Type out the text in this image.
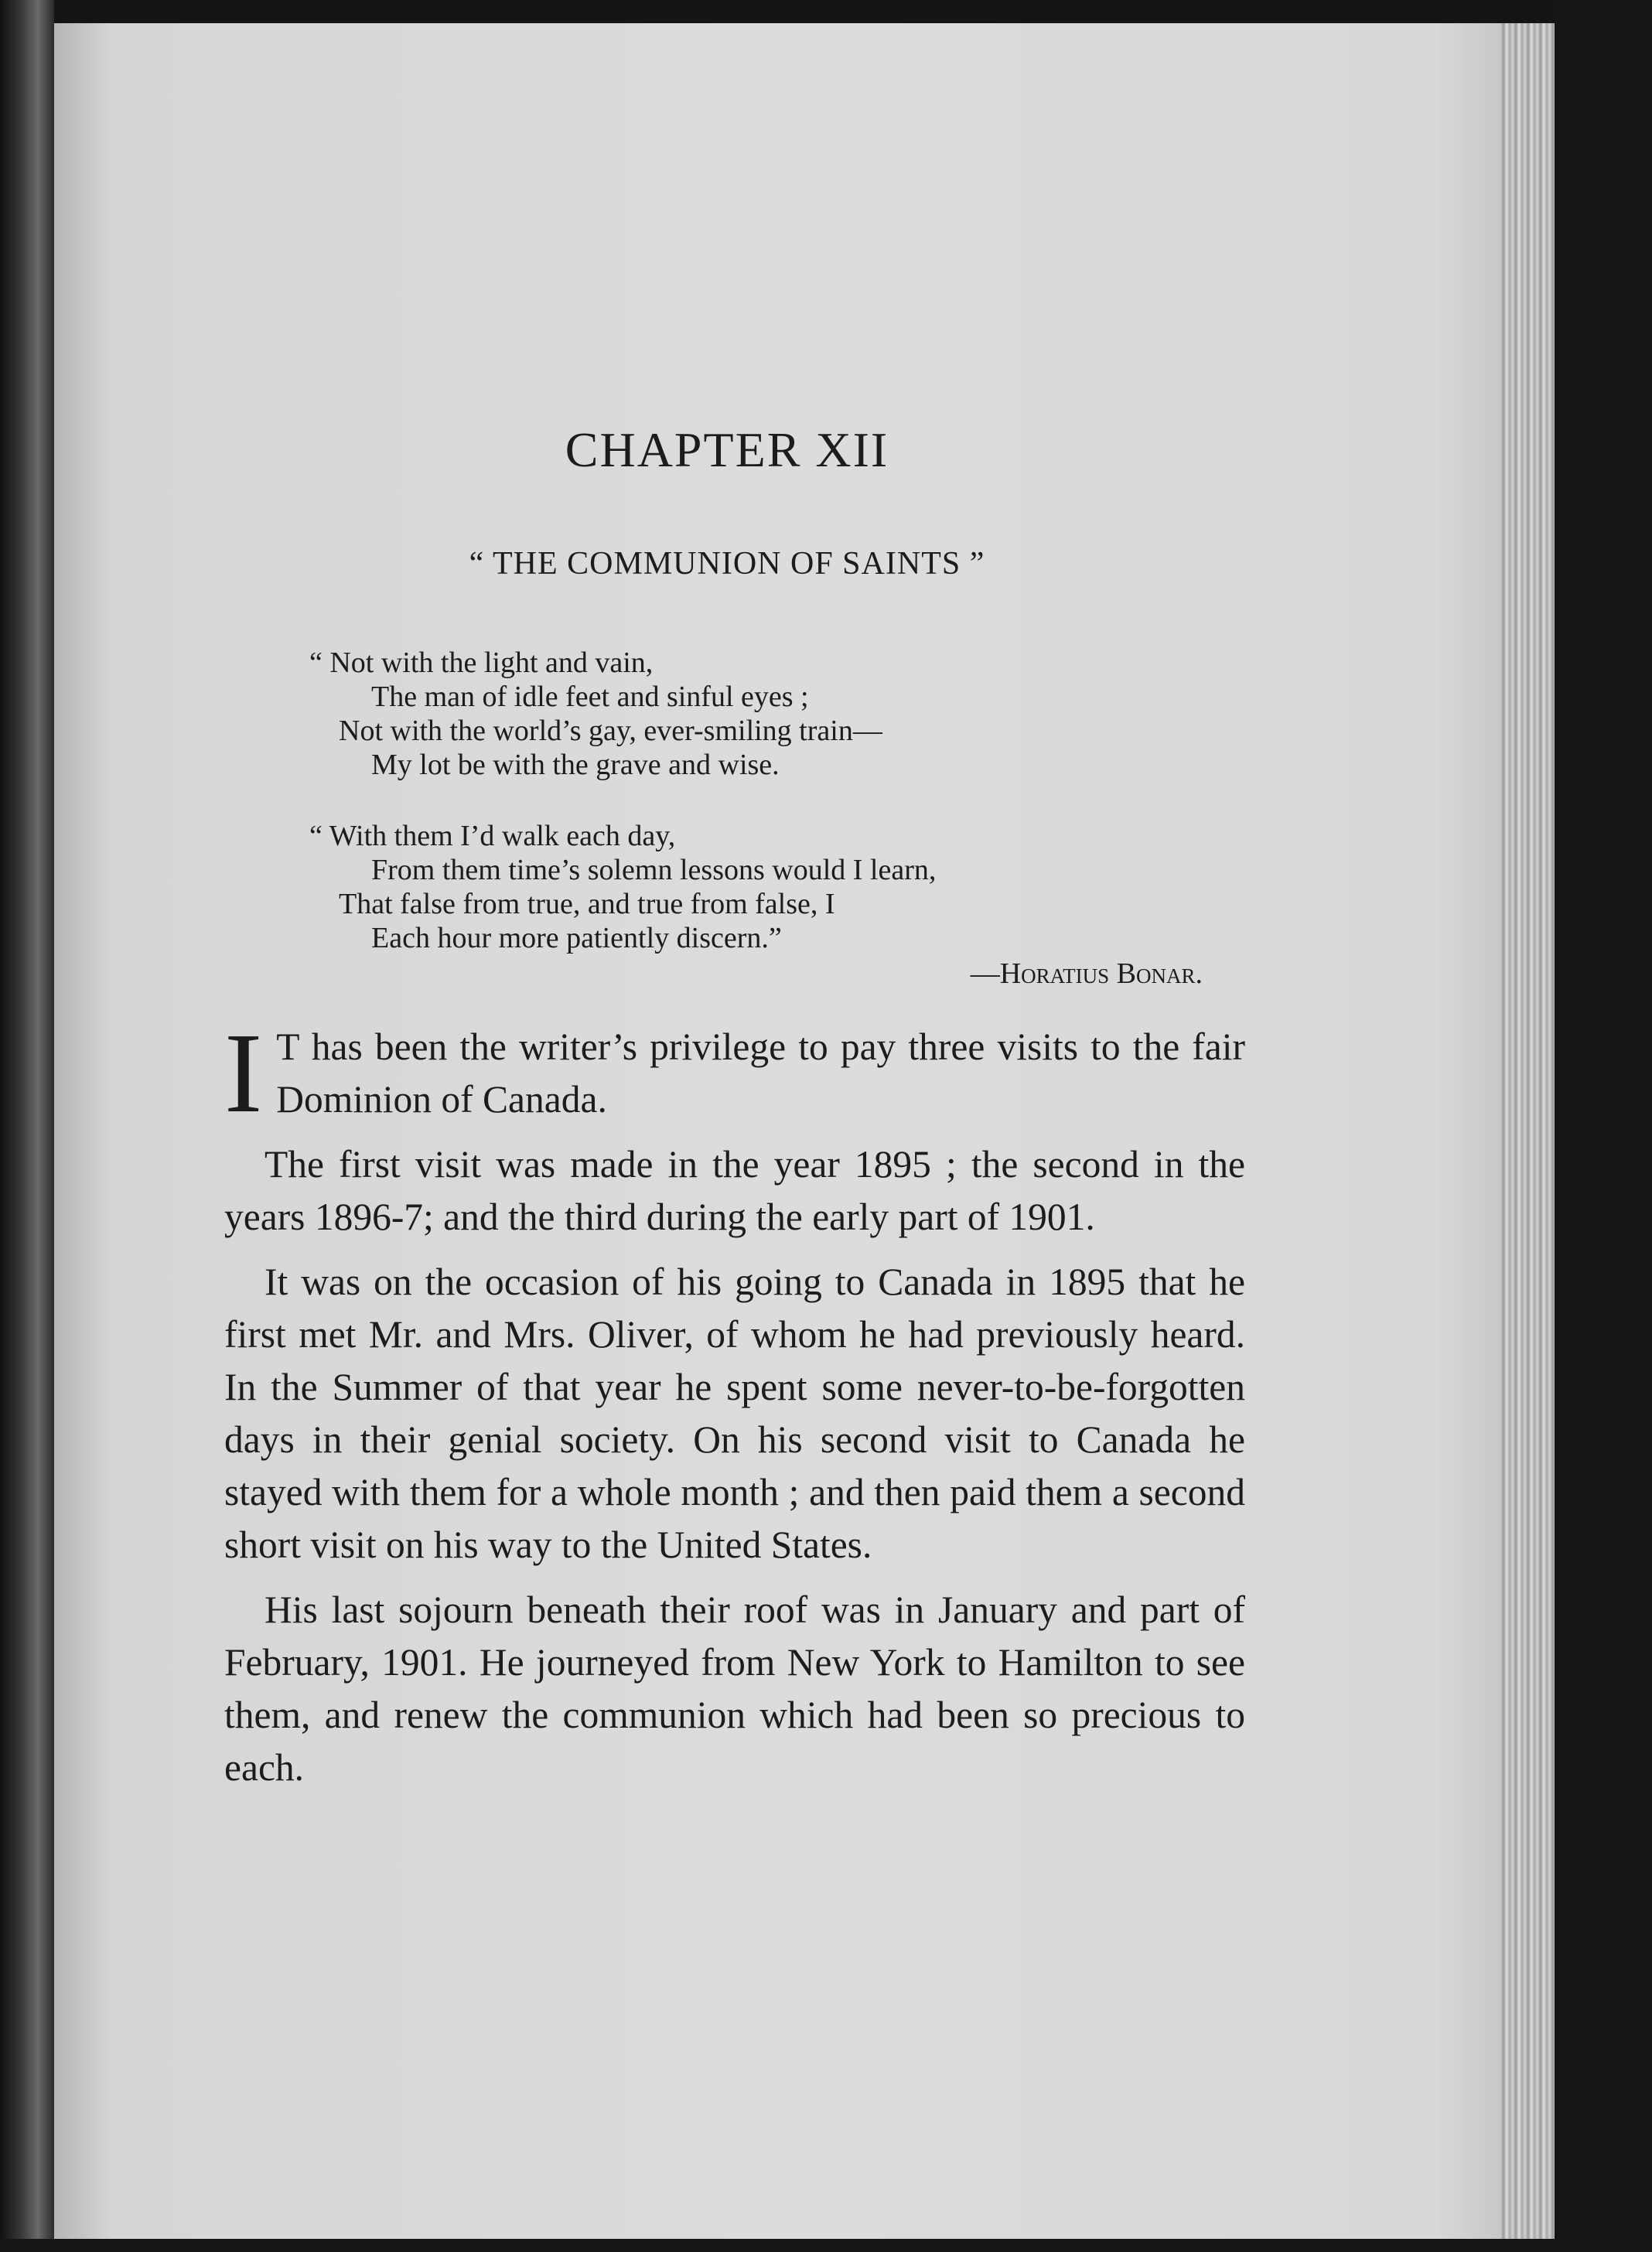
CHAPTER XII
“ THE COMMUNION OF SAINTS ”
“ Not with the light and vain,
The man of idle feet and sinful eyes ;
Not with the world’s gay, ever-smiling train—
My lot be with the grave and wise.
“ With them I’d walk each day,
From them time’s solemn lessons would I learn,
That false from true, and true from false, I
Each hour more patiently discern.”
—Horatius Bonar.

I T has been the writer’s privilege to pay three visits to the fair Dominion of Canada.

The first visit was made in the year 1895 ; the second in the years 1896-7; and the third during the early part of 1901.

It was on the occasion of his going to Canada in 1895 that he first met Mr. and Mrs. Oliver, of whom he had previously heard. In the Summer of that year he spent some never-to-be-forgotten days in their genial society. On his second visit to Canada he stayed with them for a whole month ; and then paid them a second short visit on his way to the United States.

His last sojourn beneath their roof was in January and part of February, 1901. He journeyed from New York to Hamilton to see them, and renew the communion which had been so precious to each.
